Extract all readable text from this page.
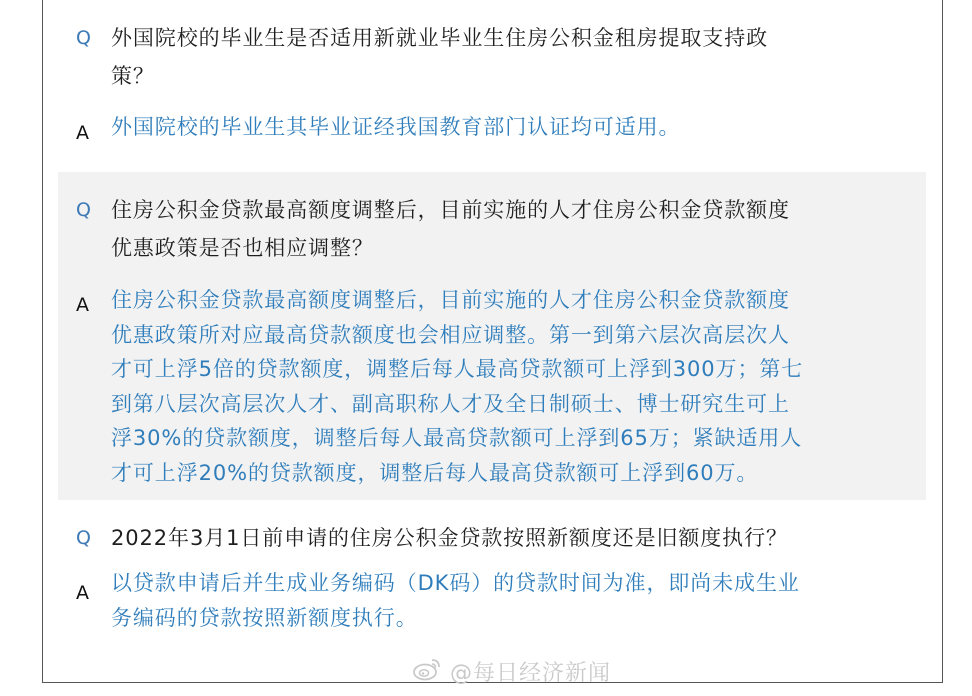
Q 外国院校的毕业生是否适用新就业毕业生住房公积金租房提取支持政
策？
A 外国院校的毕业生其毕业证经我国教育部门认证均可适用。
Q 住房公积金贷款最高额度调整后，目前实施的人才住房公积金贷款额度
优惠政策是否也相应调整？
A 住房公积金贷款最高额度调整后，目前实施的人才住房公积金贷款额度
优惠政策所对应最高贷款额度也会相应调整。第一到第六层次高层次人
才可上浮5倍的贷款额度，调整后每人最高贷款额可上浮到300万；第七
到第八层次高层次人才、副高职称人才及全日制硕士、博士研究生可上
浮30%的贷款额度，调整后每人最高贷款额可上浮到65万；紧缺适用人
才可上浮20%的贷款额度，调整后每人最高贷款额可上浮到60万。
Q 2022年3月1日前申请的住房公积金贷款按照新额度还是旧额度执行？
A 以贷款申请后并生成业务编码（DK码）的贷款时间为准，即尚未成生业
务编码的贷款按照新额度执行。
@每日经济新闻
